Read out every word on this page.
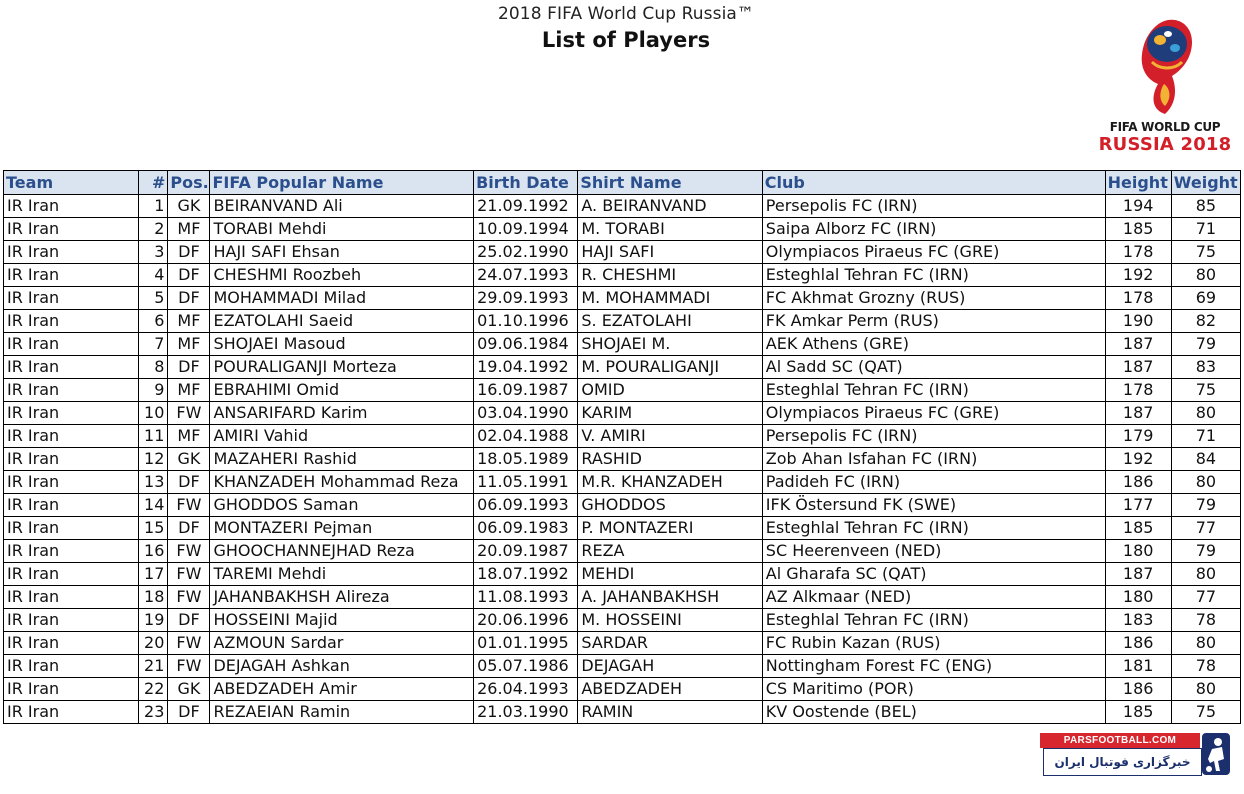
2018 FIFA World Cup Russia™
List of Players
FIFA WORLD CUP
RUSSIA 2018
Team	#	Pos.	FIFA Popular Name	Birth Date	Shirt Name	Club	Height	Weight
IR Iran	1	GK	BEIRANVAND Ali	21.09.1992	A. BEIRANVAND	Persepolis FC (IRN)	194	85
IR Iran	2	MF	TORABI Mehdi	10.09.1994	M. TORABI	Saipa Alborz FC (IRN)	185	71
IR Iran	3	DF	HAJI SAFI Ehsan	25.02.1990	HAJI SAFI	Olympiacos Piraeus FC (GRE)	178	75
IR Iran	4	DF	CHESHMI Roozbeh	24.07.1993	R. CHESHMI	Esteghlal Tehran FC (IRN)	192	80
IR Iran	5	DF	MOHAMMADI Milad	29.09.1993	M. MOHAMMADI	FC Akhmat Grozny (RUS)	178	69
IR Iran	6	MF	EZATOLAHI Saeid	01.10.1996	S. EZATOLAHI	FK Amkar Perm (RUS)	190	82
IR Iran	7	MF	SHOJAEI Masoud	09.06.1984	SHOJAEI M.	AEK Athens (GRE)	187	79
IR Iran	8	DF	POURALIGANJI Morteza	19.04.1992	M. POURALIGANJI	Al Sadd SC (QAT)	187	83
IR Iran	9	MF	EBRAHIMI Omid	16.09.1987	OMID	Esteghlal Tehran FC (IRN)	178	75
IR Iran	10	FW	ANSARIFARD Karim	03.04.1990	KARIM	Olympiacos Piraeus FC (GRE)	187	80
IR Iran	11	MF	AMIRI Vahid	02.04.1988	V. AMIRI	Persepolis FC (IRN)	179	71
IR Iran	12	GK	MAZAHERI Rashid	18.05.1989	RASHID	Zob Ahan Isfahan FC (IRN)	192	84
IR Iran	13	DF	KHANZADEH Mohammad Reza	11.05.1991	M.R. KHANZADEH	Padideh FC (IRN)	186	80
IR Iran	14	FW	GHODDOS Saman	06.09.1993	GHODDOS	IFK Östersund FK (SWE)	177	79
IR Iran	15	DF	MONTAZERI Pejman	06.09.1983	P. MONTAZERI	Esteghlal Tehran FC (IRN)	185	77
IR Iran	16	FW	GHOOCHANNEJHAD Reza	20.09.1987	REZA	SC Heerenveen (NED)	180	79
IR Iran	17	FW	TAREMI Mehdi	18.07.1992	MEHDI	Al Gharafa SC (QAT)	187	80
IR Iran	18	FW	JAHANBAKHSH Alireza	11.08.1993	A. JAHANBAKHSH	AZ Alkmaar (NED)	180	77
IR Iran	19	DF	HOSSEINI Majid	20.06.1996	M. HOSSEINI	Esteghlal Tehran FC (IRN)	183	78
IR Iran	20	FW	AZMOUN Sardar	01.01.1995	SARDAR	FC Rubin Kazan (RUS)	186	80
IR Iran	21	FW	DEJAGAH Ashkan	05.07.1986	DEJAGAH	Nottingham Forest FC (ENG)	181	78
IR Iran	22	GK	ABEDZADEH Amir	26.04.1993	ABEDZADEH	CS Maritimo (POR)	186	80
IR Iran	23	DF	REZAEIAN Ramin	21.03.1990	RAMIN	KV Oostende (BEL)	185	75
PARSFOOTBALL.COM
خبرگزاری فوتبال ایران
